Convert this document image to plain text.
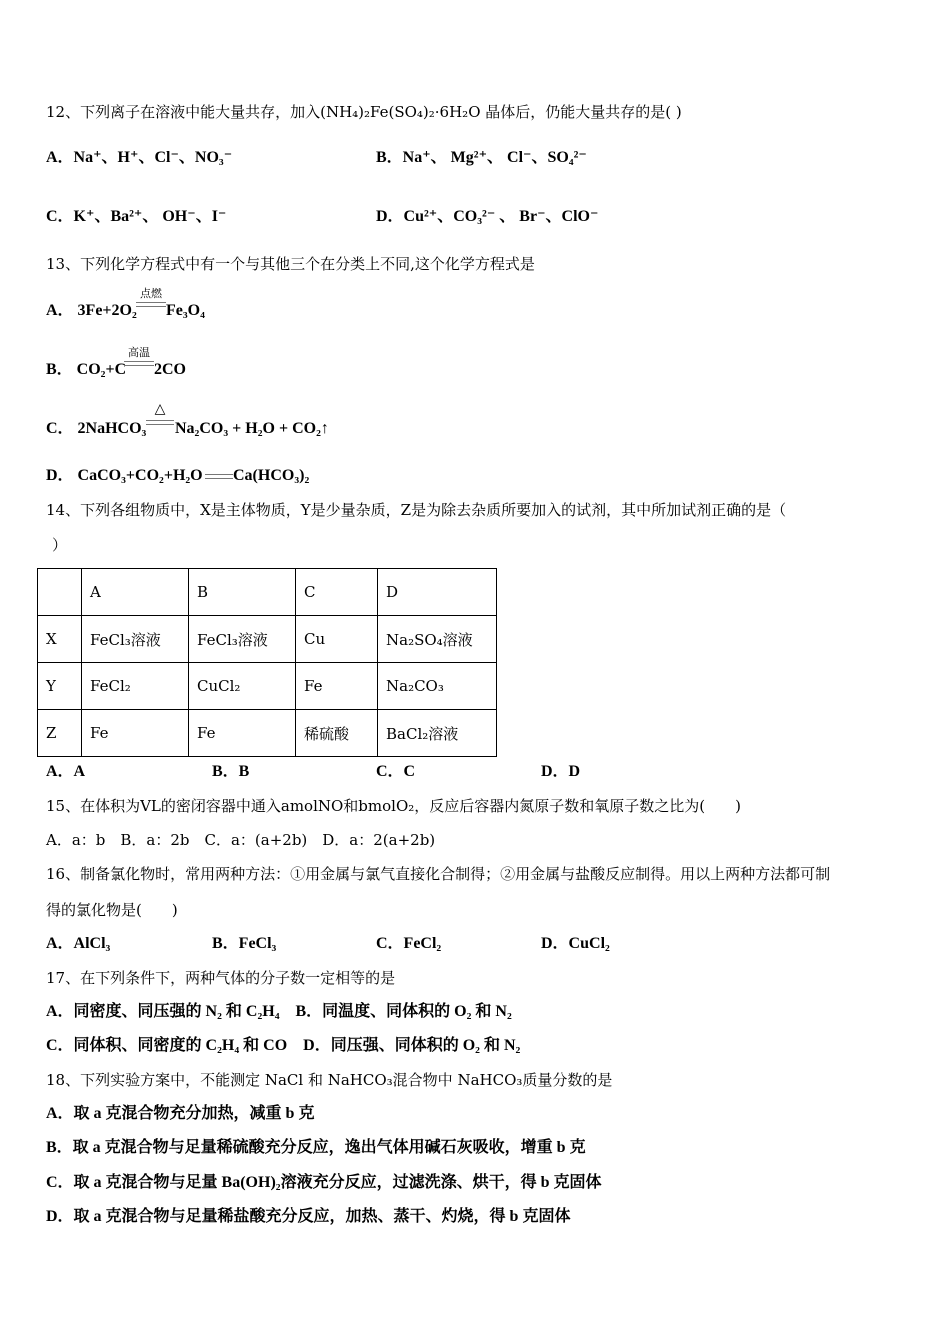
12、下列离子在溶液中能大量共存，加入(NH₄)₂Fe(SO₄)₂·6H₂O 晶体后，仍能大量共存的是( )
A．Na⁺、H⁺、Cl⁻、NO₃⁻	B．Na⁺、 Mg²⁺、 Cl⁻、SO₄²⁻
C．K⁺、Ba²⁺、 OH⁻、I⁻	D．Cu²⁺、CO₃²⁻ 、 Br⁻、ClO⁻
13、下列化学方程式中有一个与其他三个在分类上不同,这个化学方程式是
A． 3Fe+2O₂
点燃
Fe₃O₄
B． CO₂+C
高温
2CO
C． 2NaHCO₃
△
Na₂CO₃ + H₂O + CO₂↑
D． CaCO₃+CO₂+H₂O Ca(HCO₃)₂
14、下列各组物质中，X是主体物质，Y是少量杂质，Z是为除去杂质所要加入的试剂，其中所加试剂正确的是（
）
	A	B	C	D
X	FeCl₃溶液	FeCl₃溶液	Cu	Na₂SO₄溶液
Y	FeCl₂	CuCl₂	Fe	Na₂CO₃
Z	Fe	Fe	稀硫酸	BaCl₂溶液
A．A	B．B	C．C	D．D
15、在体积为VL的密闭容器中通入amolNO和bmolO₂，反应后容器内氮原子数和氧原子数之比为(　　)
A．a：b　B．a：2b　C．a：(a+2b)　D．a：2(a+2b)
16、制备氯化物时，常用两种方法：①用金属与氯气直接化合制得；②用金属与盐酸反应制得。用以上两种方法都可制
得的氯化物是(　　)
A．AlCl₃	B．FeCl₃	C．FeCl₂	D．CuCl₂
17、在下列条件下，两种气体的分子数一定相等的是
A．同密度、同压强的 N₂ 和 C₂H₄　B．同温度、同体积的 O₂ 和 N₂
C．同体积、同密度的 C₂H₄ 和 CO　D．同压强、同体积的 O₂ 和 N₂
18、下列实验方案中，不能测定 NaCl 和 NaHCO₃混合物中 NaHCO₃质量分数的是
A．取 a 克混合物充分加热，减重 b 克
B．取 a 克混合物与足量稀硫酸充分反应，逸出气体用碱石灰吸收，增重 b 克
C．取 a 克混合物与足量 Ba(OH)₂溶液充分反应，过滤洗涤、烘干，得 b 克固体
D．取 a 克混合物与足量稀盐酸充分反应，加热、蒸干、灼烧，得 b 克固体
